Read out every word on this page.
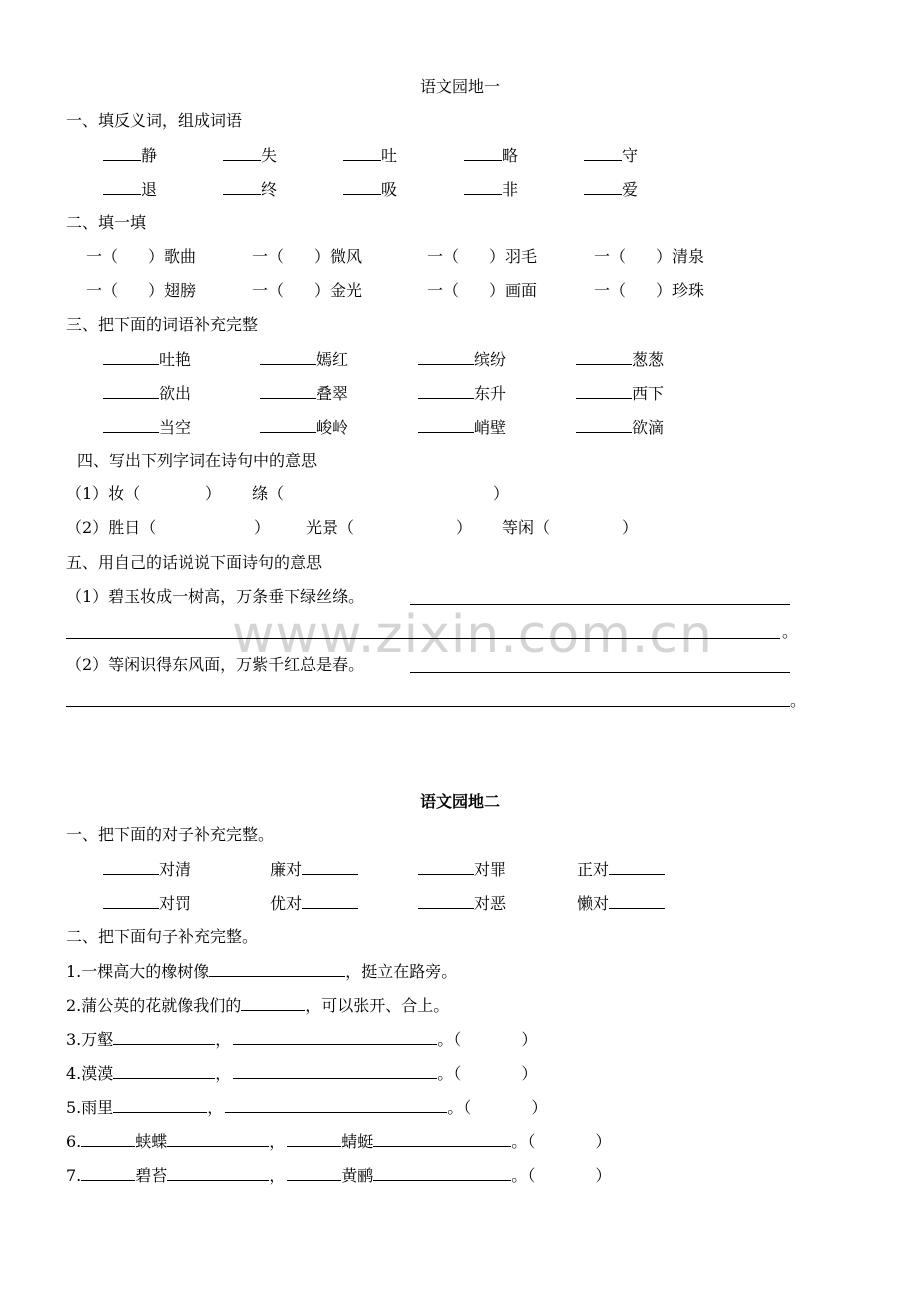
www.zixin.com.cn
语文园地一
一、填反义词，组成词语
静	失	吐	略	守
退	终	吸	非	爱
二、填一填
一（ ）歌曲	一（ ）微风	一（ ）羽毛	一（ ）清泉
一（ ）翅膀	一（ ）金光	一（ ）画面	一（ ）珍珠
三、把下面的词语补充完整
吐艳	嫣红	缤纷	葱葱
欲出	叠翠	东升	西下
当空	峻岭	峭壁	欲滴
四、写出下列字词在诗句中的意思
（1）妆（	） 绦（	）
（2）胜日（	） 光景（	） 等闲（	）
五、用自己的话说说下面诗句的意思
（1）碧玉妆成一树高，万条垂下绿丝绦。
。
（2）等闲识得东风面，万紫千红总是春。
。
语文园地二
一、把下面的对子补充完整。
对清	廉对	对罪	正对
对罚	优对	对恶	懒对
二、把下面句子补充完整。
1.一棵高大的橡树像	，挺立在路旁。
2.蒲公英的花就像我们的	，可以张开、合上。
3.万壑	，	。（	）
4.漠漠	，	。（	）
5.雨里	，	。（	）
6.	蛱蝶	，	蜻蜓	。（	）
7.	碧苔	，	黄鹂	。（	）
